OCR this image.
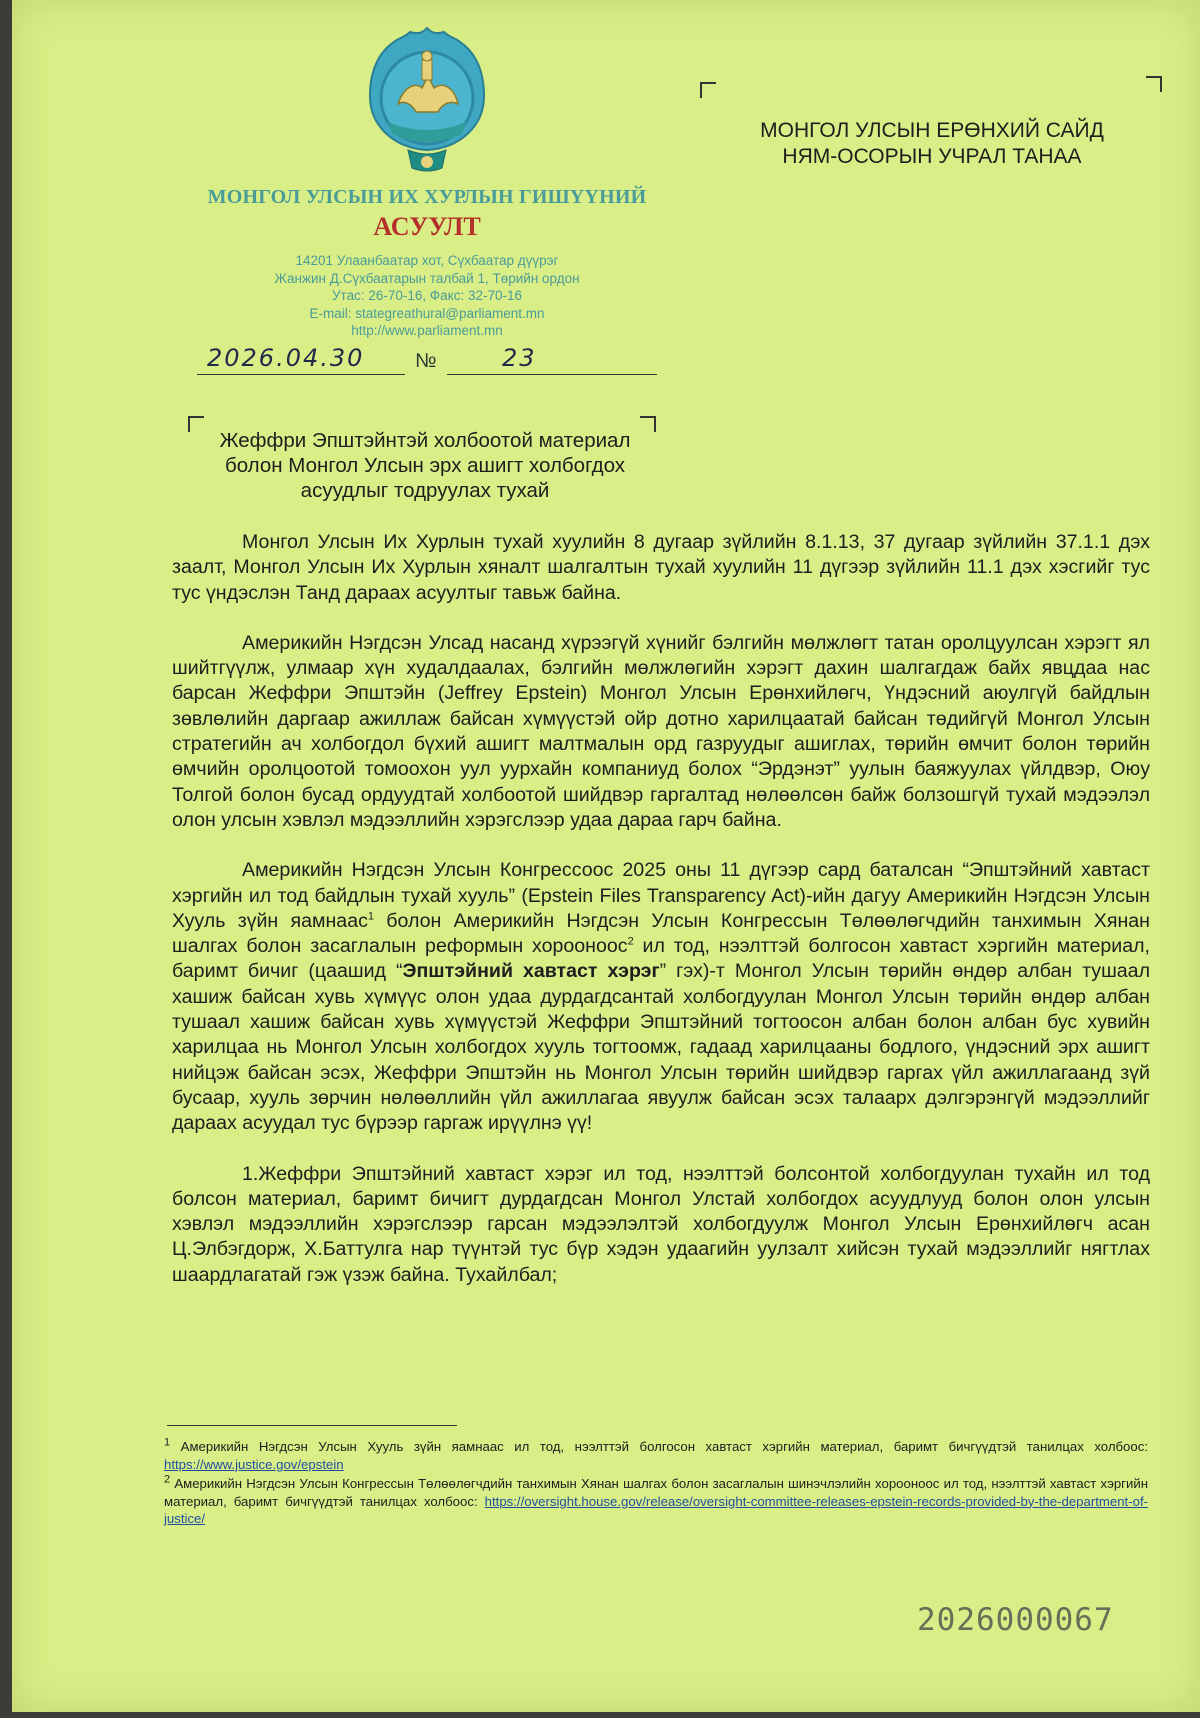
МОНГОЛ УЛСЫН ИХ ХУРЛЫН ГИШҮҮНИЙ
АСУУЛТ
14201 Улаанбаатар хот, Сүхбаатар дүүрэг
Жанжин Д.Сүхбаатарын талбай 1, Төрийн ордон
Утас: 26-70-16, Факс: 32-70-16
E-mail: stategreathural@parliament.mn
http://www.parliament.mn
2026.04.30	№	23
МОНГОЛ УЛСЫН ЕРӨНХИЙ САЙД
НЯМ-ОСОРЫН УЧРАЛ ТАНАА
Жеффри Эпштэйнтэй холбоотой материал
болон Монгол Улсын эрх ашигт холбогдох
асуудлыг тодруулах тухай

Монгол Улсын Их Хурлын тухай хуулийн 8 дугаар зүйлийн 8.1.13, 37 дугаар зүйлийн 37.1.1 дэх заалт, Монгол Улсын Их Хурлын хяналт шалгалтын тухай хуулийн 11 дүгээр зүйлийн 11.1 дэх хэсгийг тус тус үндэслэн Танд дараах асуултыг тавьж байна.

Америкийн Нэгдсэн Улсад насанд хүрээгүй хүнийг бэлгийн мөлжлөгт татан оролцуулсан хэрэгт ял шийтгүүлж, улмаар хүн худалдаалах, бэлгийн мөлжлөгийн хэрэгт дахин шалгагдаж байх явцдаа нас барсан Жеффри Эпштэйн (Jeffrey Epstein) Монгол Улсын Ерөнхийлөгч, Үндэсний аюулгүй байдлын зөвлөлийн даргаар ажиллаж байсан хүмүүстэй ойр дотно харилцаатай байсан төдийгүй Монгол Улсын стратегийн ач холбогдол бүхий ашигт малтмалын орд газруудыг ашиглах, төрийн өмчит болон төрийн өмчийн оролцоотой томоохон уул уурхайн компаниуд болох “Эрдэнэт” уулын баяжуулах үйлдвэр, Оюу Толгой болон бусад ордуудтай холбоотой шийдвэр гаргалтад нөлөөлсөн байж болзошгүй тухай мэдээлэл олон улсын хэвлэл мэдээллийн хэрэгслээр удаа дараа гарч байна.

Америкийн Нэгдсэн Улсын Конгрессоос 2025 оны 11 дүгээр сард баталсан “Эпштэйний хавтаст хэргийн ил тод байдлын тухай хууль” (Epstein Files Transparency Act)-ийн дагуу Америкийн Нэгдсэн Улсын Хууль зүйн яамнаас$^1$ болон Америкийн Нэгдсэн Улсын Конгрессын Төлөөлөгчдийн танхимын Хянан шалгах болон засаглалын реформын хорооноос$^2$ ил тод, нээлттэй болгосон хавтаст хэргийн материал, баримт бичиг (цаашид “Эпштэйний хавтаст хэрэг” гэх)-т Монгол Улсын төрийн өндөр албан тушаал хашиж байсан хувь хүмүүс олон удаа дурдагдсантай холбогдуулан Монгол Улсын төрийн өндөр албан тушаал хашиж байсан хувь хүмүүстэй Жеффри Эпштэйний тогтоосон албан болон албан бус хувийн харилцаа нь Монгол Улсын холбогдох хууль тогтоомж, гадаад харилцааны бодлого, үндэсний эрх ашигт нийцэж байсан эсэх, Жеффри Эпштэйн нь Монгол Улсын төрийн шийдвэр гаргах үйл ажиллагаанд зүй бусаар, хууль зөрчин нөлөөллийн үйл ажиллагаа явуулж байсан эсэх талаарх дэлгэрэнгүй мэдээллийг дараах асуудал тус бүрээр гаргаж ирүүлнэ үү!

1.Жеффри Эпштэйний хавтаст хэрэг ил тод, нээлттэй болсонтой холбогдуулан тухайн ил тод болсон материал, баримт бичигт дурдагдсан Монгол Улстай холбогдох асуудлууд болон олон улсын хэвлэл мэдээллийн хэрэгслээр гарсан мэдээлэлтэй холбогдуулж Монгол Улсын Ерөнхийлөгч асан Ц.Элбэгдорж, Х.Баттулга нар түүнтэй тус бүр хэдэн удаагийн уулзалт хийсэн тухай мэдээллийг нягтлах шаардлагатай гэж үзэж байна. Тухайлбал;

$^1$ Америкийн Нэгдсэн Улсын Хууль зүйн яамнаас ил тод, нээлттэй болгосон хавтаст хэргийн материал, баримт бичгүүдтэй танилцах холбоос: https://www.justice.gov/epstein

$^2$ Америкийн Нэгдсэн Улсын Конгрессын Төлөөлөгчдийн танхимын Хянан шалгах болон засаглалын шинэчлэлийн хорооноос ил тод, нээлттэй хавтаст хэргийн материал, баримт бичгүүдтэй танилцах холбоос: https://oversight.house.gov/release/oversight-committee-releases-epstein-records-provided-by-the-department-of-justice/

2026000067
